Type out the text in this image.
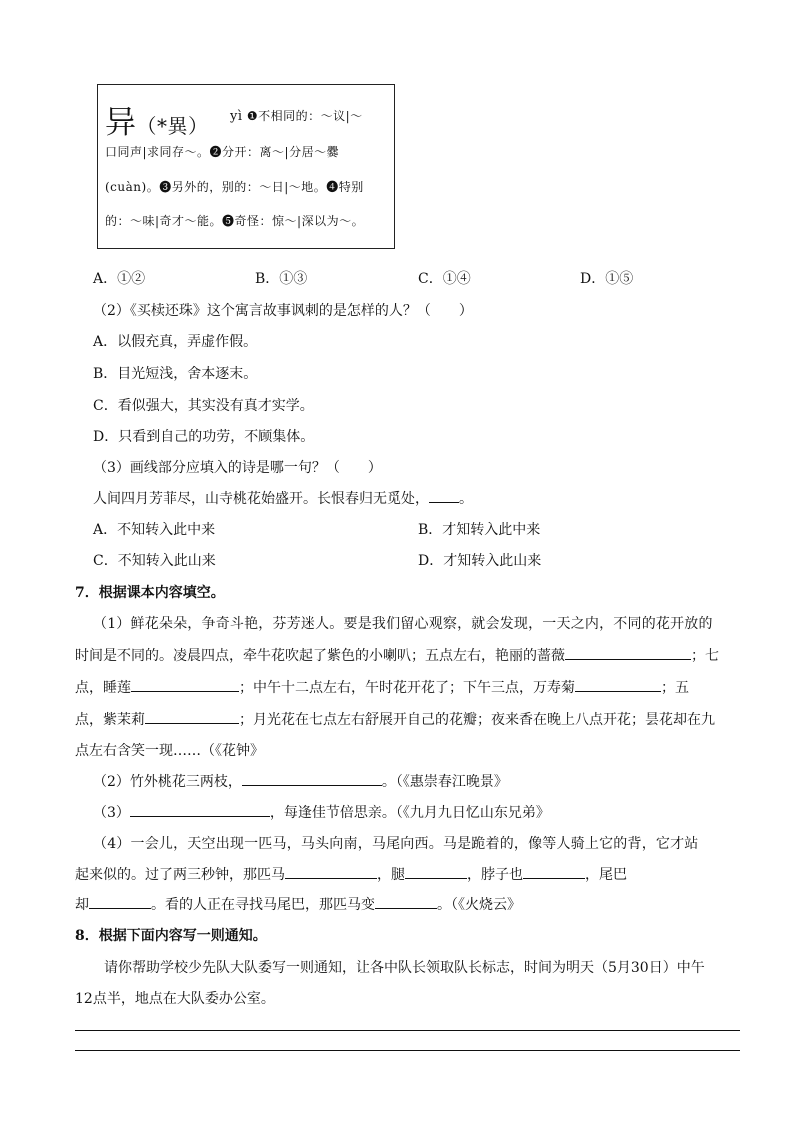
异（*異） yì ❶不相同的：～议|～
口同声|求同存～。❷分开：离～|分居～爨
(cuàn)。❸另外的，别的：～日|～地。❹特别
的：～味|奇才～能。❺奇怪：惊～|深以为～。
A．①②	B．①③	C．①④	D．①⑤
（2）《买椟还珠》这个寓言故事讽刺的是怎样的人？（　　）
A．以假充真，弄虚作假。
B．目光短浅，舍本逐末。
C．看似强大，其实没有真才实学。
D．只看到自己的功劳，不顾集体。
（3）画线部分应填入的诗是哪一句？（　　）
人间四月芳菲尽，山寺桃花始盛开。长恨春归无觅处， 。
A．不知转入此中来	B．才知转入此中来
C．不知转入此山来	D．才知转入此山来
7．根据课本内容填空。
（1）鲜花朵朵，争奇斗艳，芬芳迷人。要是我们留心观察，就会发现，一天之内，不同的花开放的
时间是不同的。凌晨四点，牵牛花吹起了紫色的小喇叭；五点左右，艳丽的蔷薇	；七
点，睡莲	；中午十二点左右，午时花开花了；下午三点，万寿菊	；五
点，紫茉莉	；月光花在七点左右舒展开自己的花瓣；夜来香在晚上八点开花；昙花却在九
点左右含笑一现……（《花钟》
（2）竹外桃花三两枝，	。（《惠崇春江晚景》
（3）	，每逢佳节倍思亲。（《九月九日忆山东兄弟》
（4）一会儿，天空出现一匹马，马头向南，马尾向西。马是跪着的，像等人骑上它的背，它才站
起来似的。过了两三秒钟，那匹马	，腿	，脖子也	，尾巴
却	。看的人正在寻找马尾巴，那匹马变	。（《火烧云》
8．根据下面内容写一则通知。
请你帮助学校少先队大队委写一则通知，让各中队长领取队长标志，时间为明天（5月30日）中午
12点半，地点在大队委办公室。
